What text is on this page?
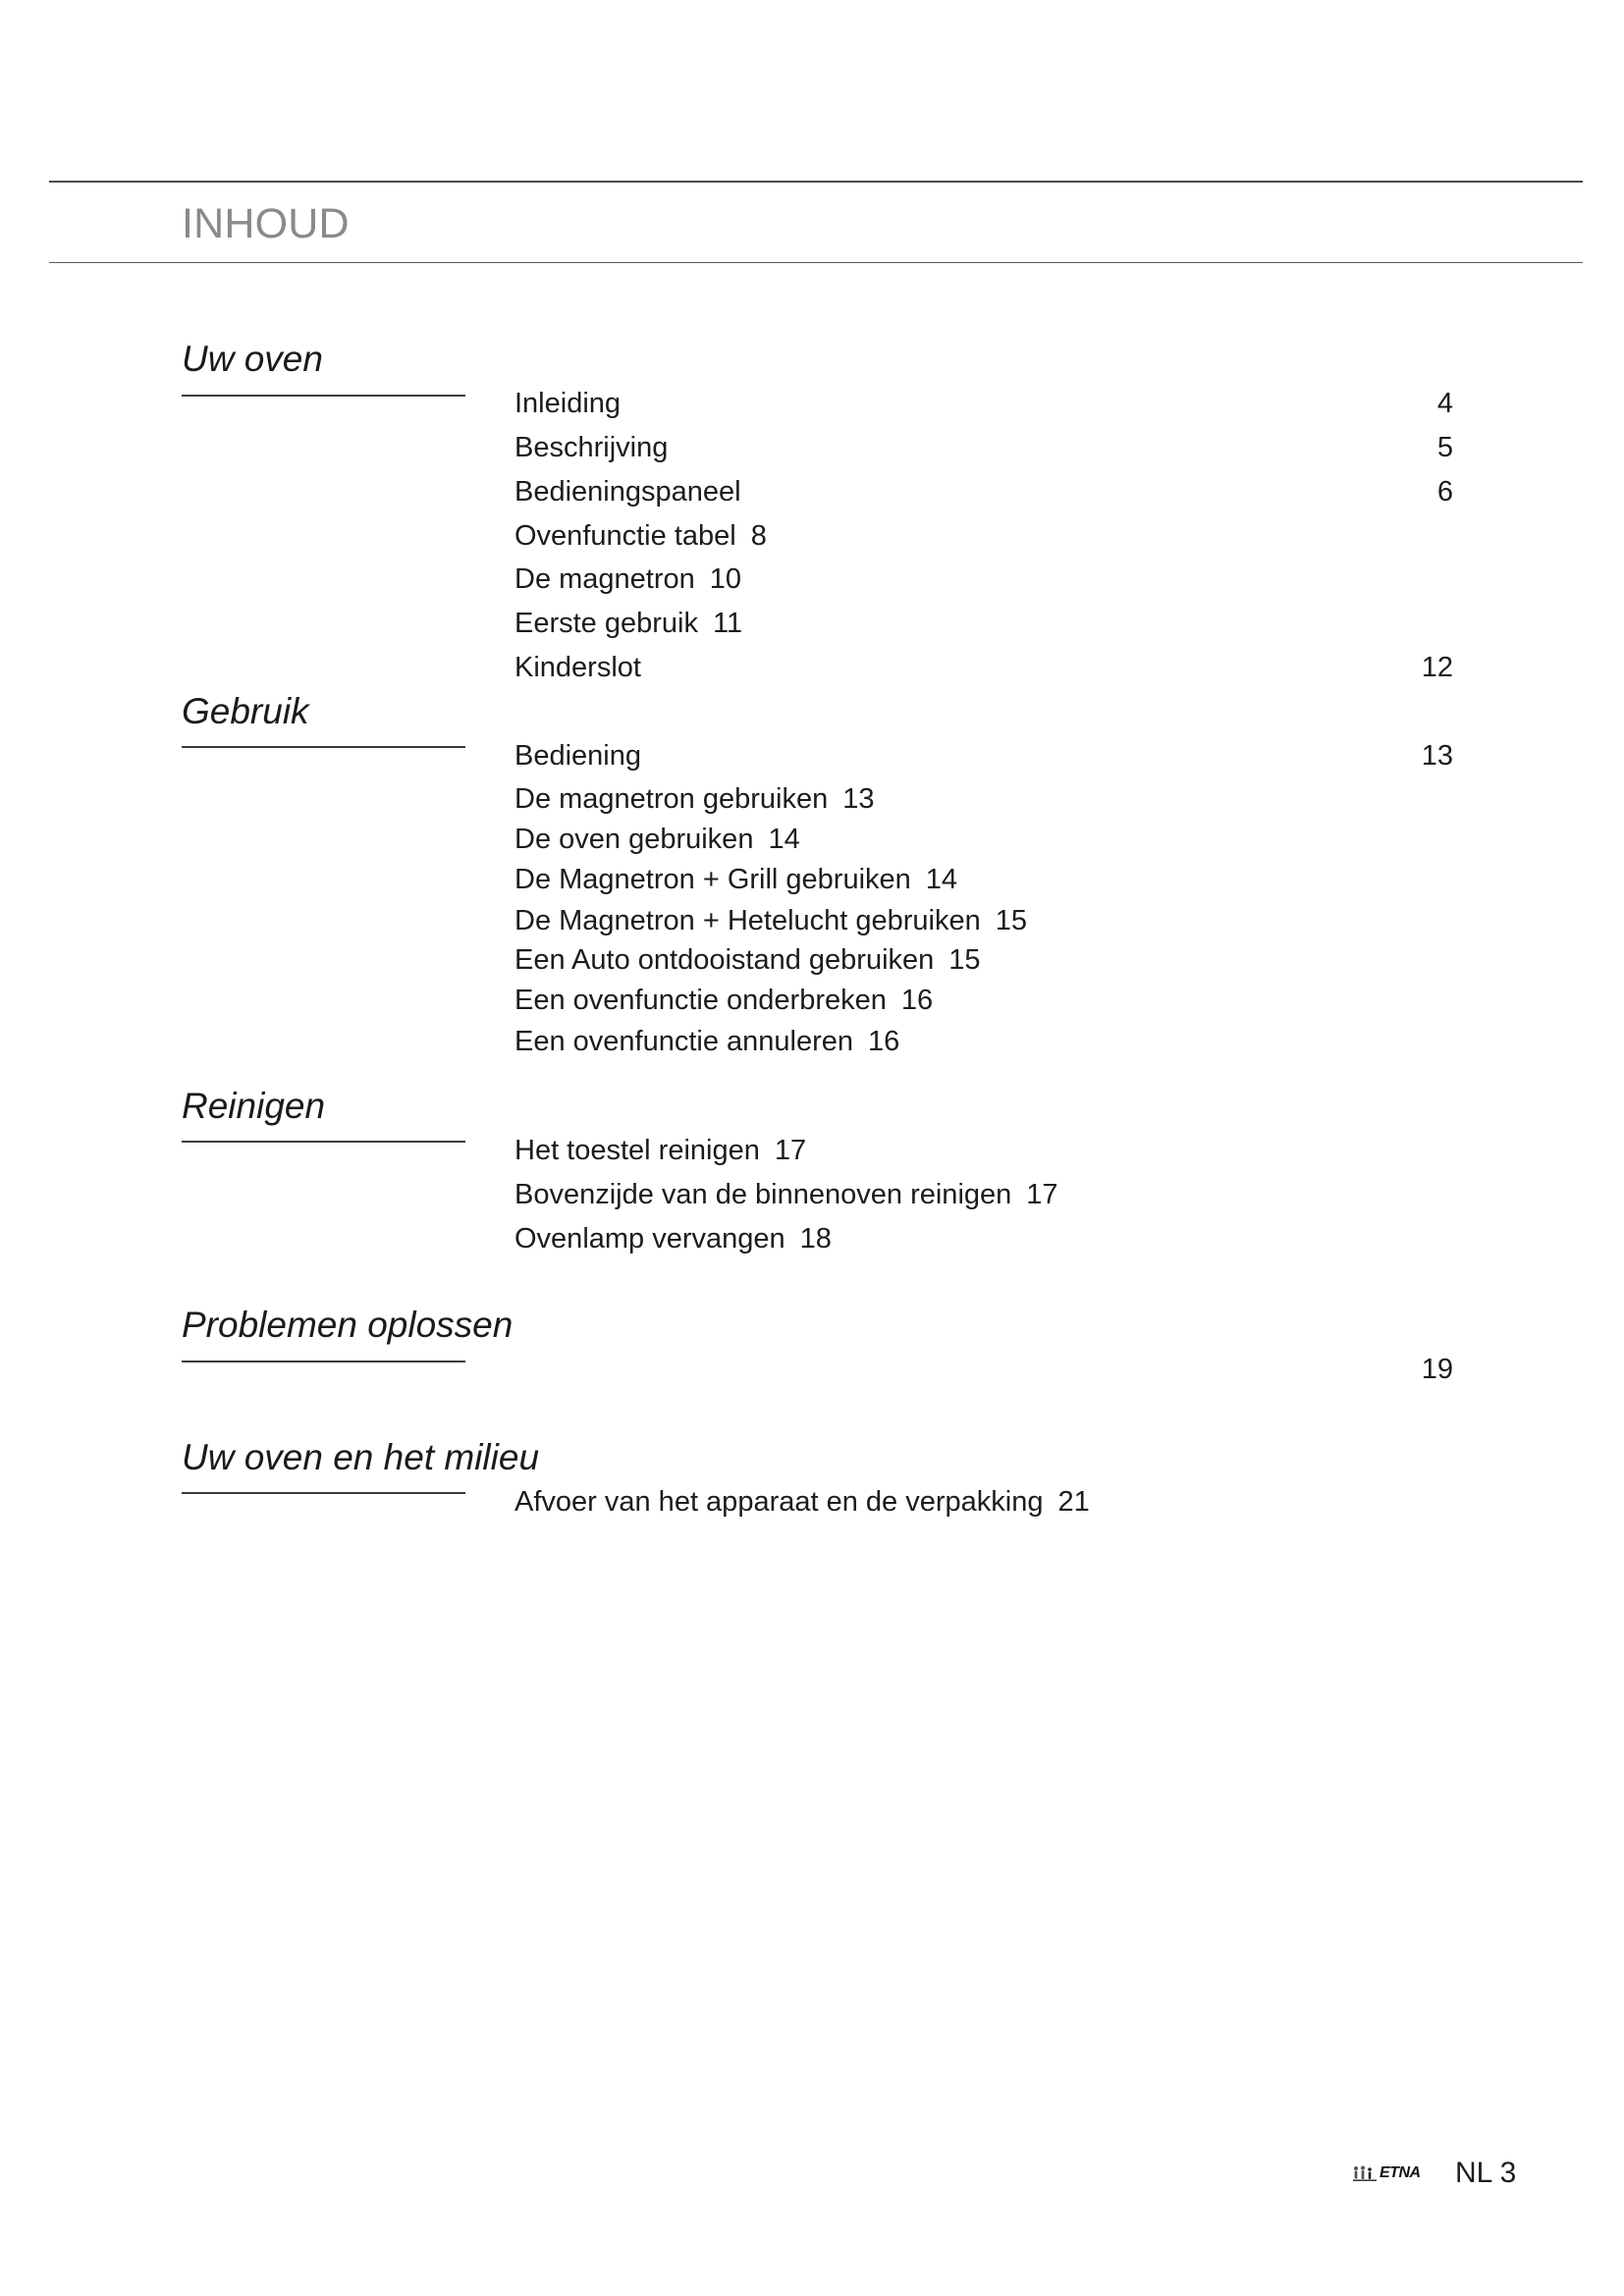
INHOUD
Uw oven
Inleiding	4
Beschrijving	5
Bedieningspaneel	6
Ovenfunctie tabel 8
De magnetron 10
Eerste gebruik 11
Kinderslot	12
Gebruik
Bediening	13
De magnetron gebruiken 13
De oven gebruiken 14
De Magnetron + Grill gebruiken 14
De Magnetron + Hetelucht gebruiken 15
Een Auto ontdooistand gebruiken 15
Een ovenfunctie onderbreken 16
Een ovenfunctie annuleren 16
Reinigen
Het toestel reinigen 17
Bovenzijde van de binnenoven reinigen 17
Ovenlamp vervangen 18
Problemen oplossen
19
Uw oven en het milieu
Afvoer van het apparaat en de verpakking 21
ETNA NL 3
